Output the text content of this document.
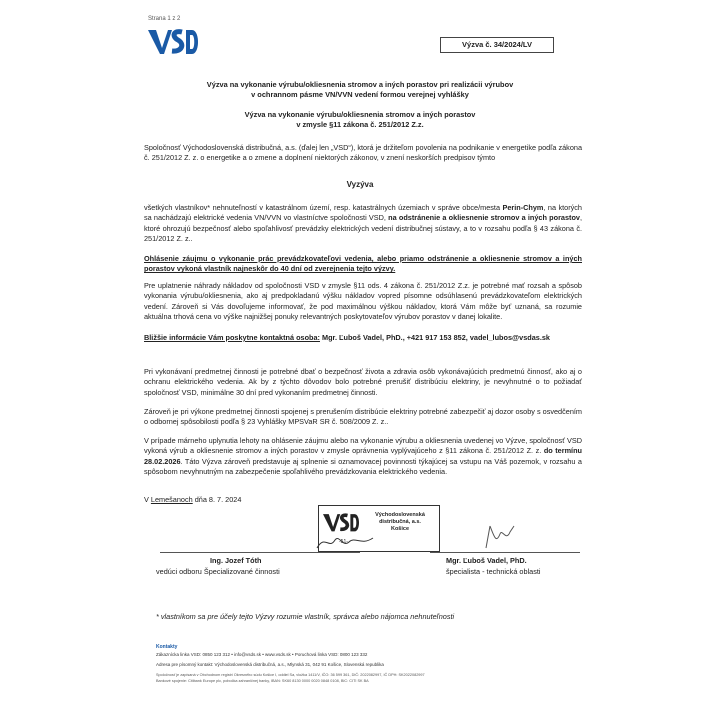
Strana 1 z 2
Výzva č. 34/2024/LV
Výzva na vykonanie výrubu/okliesnenia stromov a iných porastov pri realizácii výrubov
v ochrannom pásme VN/VVN vedení formou verejnej vyhlášky
Výzva na vykonanie výrubu/okliesnenia stromov a iných porastov
v zmysle §11 zákona č. 251/2012 Z.z.
Spoločnosť Východoslovenská distribučná, a.s. (ďalej len „VSD“), ktorá je držiteľom povolenia na podnikanie v energetike podľa zákona č. 251/2012 Z. z. o energetike a o zmene a doplnení niektorých zákonov, v znení neskorších predpisov týmto
Vyzýva
všetkých vlastníkov* nehnuteľností v katastrálnom území, resp. katastrálnych územiach v správe obce/mesta Perin-Chym, na ktorých sa nachádzajú elektrické vedenia VN/VVN vo vlastníctve spoločnosti VSD, na odstránenie a okliesnenie stromov a iných porastov, ktoré ohrozujú bezpečnosť alebo spoľahlivosť prevádzky elektrických vedení distribučnej sústavy, a to v rozsahu podľa § 43 zákona č. 251/2012 Z. z..
Ohlásenie záujmu o vykonanie prác prevádzkovateľovi vedenia, alebo priamo odstránenie a okliesnenie stromov a iných porastov vykoná vlastník najneskôr do 40 dní od zverejnenia tejto výzvy.
Pre uplatnenie náhrady nákladov od spoločnosti VSD v zmysle §11 ods. 4 zákona č. 251/2012 Z.z. je potrebné mať rozsah a spôsob vykonania výrubu/okliesnenia, ako aj predpokladanú výšku nákladov vopred písomne odsúhlasenú prevádzkovateľom elektrických vedení. Zároveň si Vás dovoľujeme informovať, že pod maximálnou výškou nákladov, ktorá Vám môže byť uznaná, sa rozumie aktuálna trhová cena vo výške najnižšej ponuky relevantných poskytovateľov výrubov porastov v danej lokalite.
Bližšie informácie Vám poskytne kontaktná osoba: Mgr. Ľuboš Vadel, PhD., +421 917 153 852, vadel_lubos@vsdas.sk
Pri vykonávaní predmetnej činnosti je potrebné dbať o bezpečnosť života a zdravia osôb vykonávajúcich predmetnú činnosť, ako aj o ochranu elektrického vedenia. Ak by z týchto dôvodov bolo potrebné prerušiť distribúciu elektriny, je nevyhnutné o to požiadať spoločnosť VSD, minimálne 30 dní pred vykonaním predmetnej činnosti.
Zároveň je pri výkone predmetnej činnosti spojenej s prerušením distribúcie elektriny potrebné zabezpečiť aj dozor osoby s osvedčením o odbornej spôsobilosti podľa § 23 Vyhlášky MPSVaR SR č. 508/2009 Z. z..
V prípade márneho uplynutia lehoty na ohlásenie záujmu alebo na vykonanie výrubu a okliesnenia uvedenej vo Výzve, spoločnosť VSD vykoná výrub a okliesnenie stromov a iných porastov v zmysle oprávnenia vyplývajúceho z §11 zákona č. 251/2012 Z. z. do termínu 28.02.2026. Táto Výzva zároveň predstavuje aj splnenie si oznamovacej povinnosti týkajúcej sa vstupu na Váš pozemok, v rozsahu a spôsobom nevyhnutným na zabezpečenie spoľahlivého prevádzkovania elektrického vedenia.
V Lemešanoch dňa 8. 7. 2024
Východoslovenská
distribučná, a.s.
Košice
-51-
Ing. Jozef Tóth
vedúci odboru Špecializované činnosti
Mgr. Ľuboš Vadel, PhD.
špecialista - technická oblasti
* vlastníkom sa pre účely tejto Výzvy rozumie vlastník, správca alebo nájomca nehnuteľnosti
Kontakty
Zákaznícka linka VSD: 0850 123 312 • info@vsds.sk • www.vsds.sk • Poruchová linka VSD: 0800 123 332
Adresa pre písomný kontakt: Východoslovenská distribučná, a.s., Mlynská 31, 042 91 Košice, Slovenská republika
Spoločnosť je zapísaná v Obchodnom registri Okresného súdu Košice I, oddiel Sa, vložka 1411/V, IČO: 36 599 361, DIČ: 2022082997, IČ DPH: SK2022082997
Bankové spojenie: Citibank Europe plc, pobočka zahraničnej banky, IBAN: SK60 8130 0000 0020 0848 0108, BIC: CITI SK BA
